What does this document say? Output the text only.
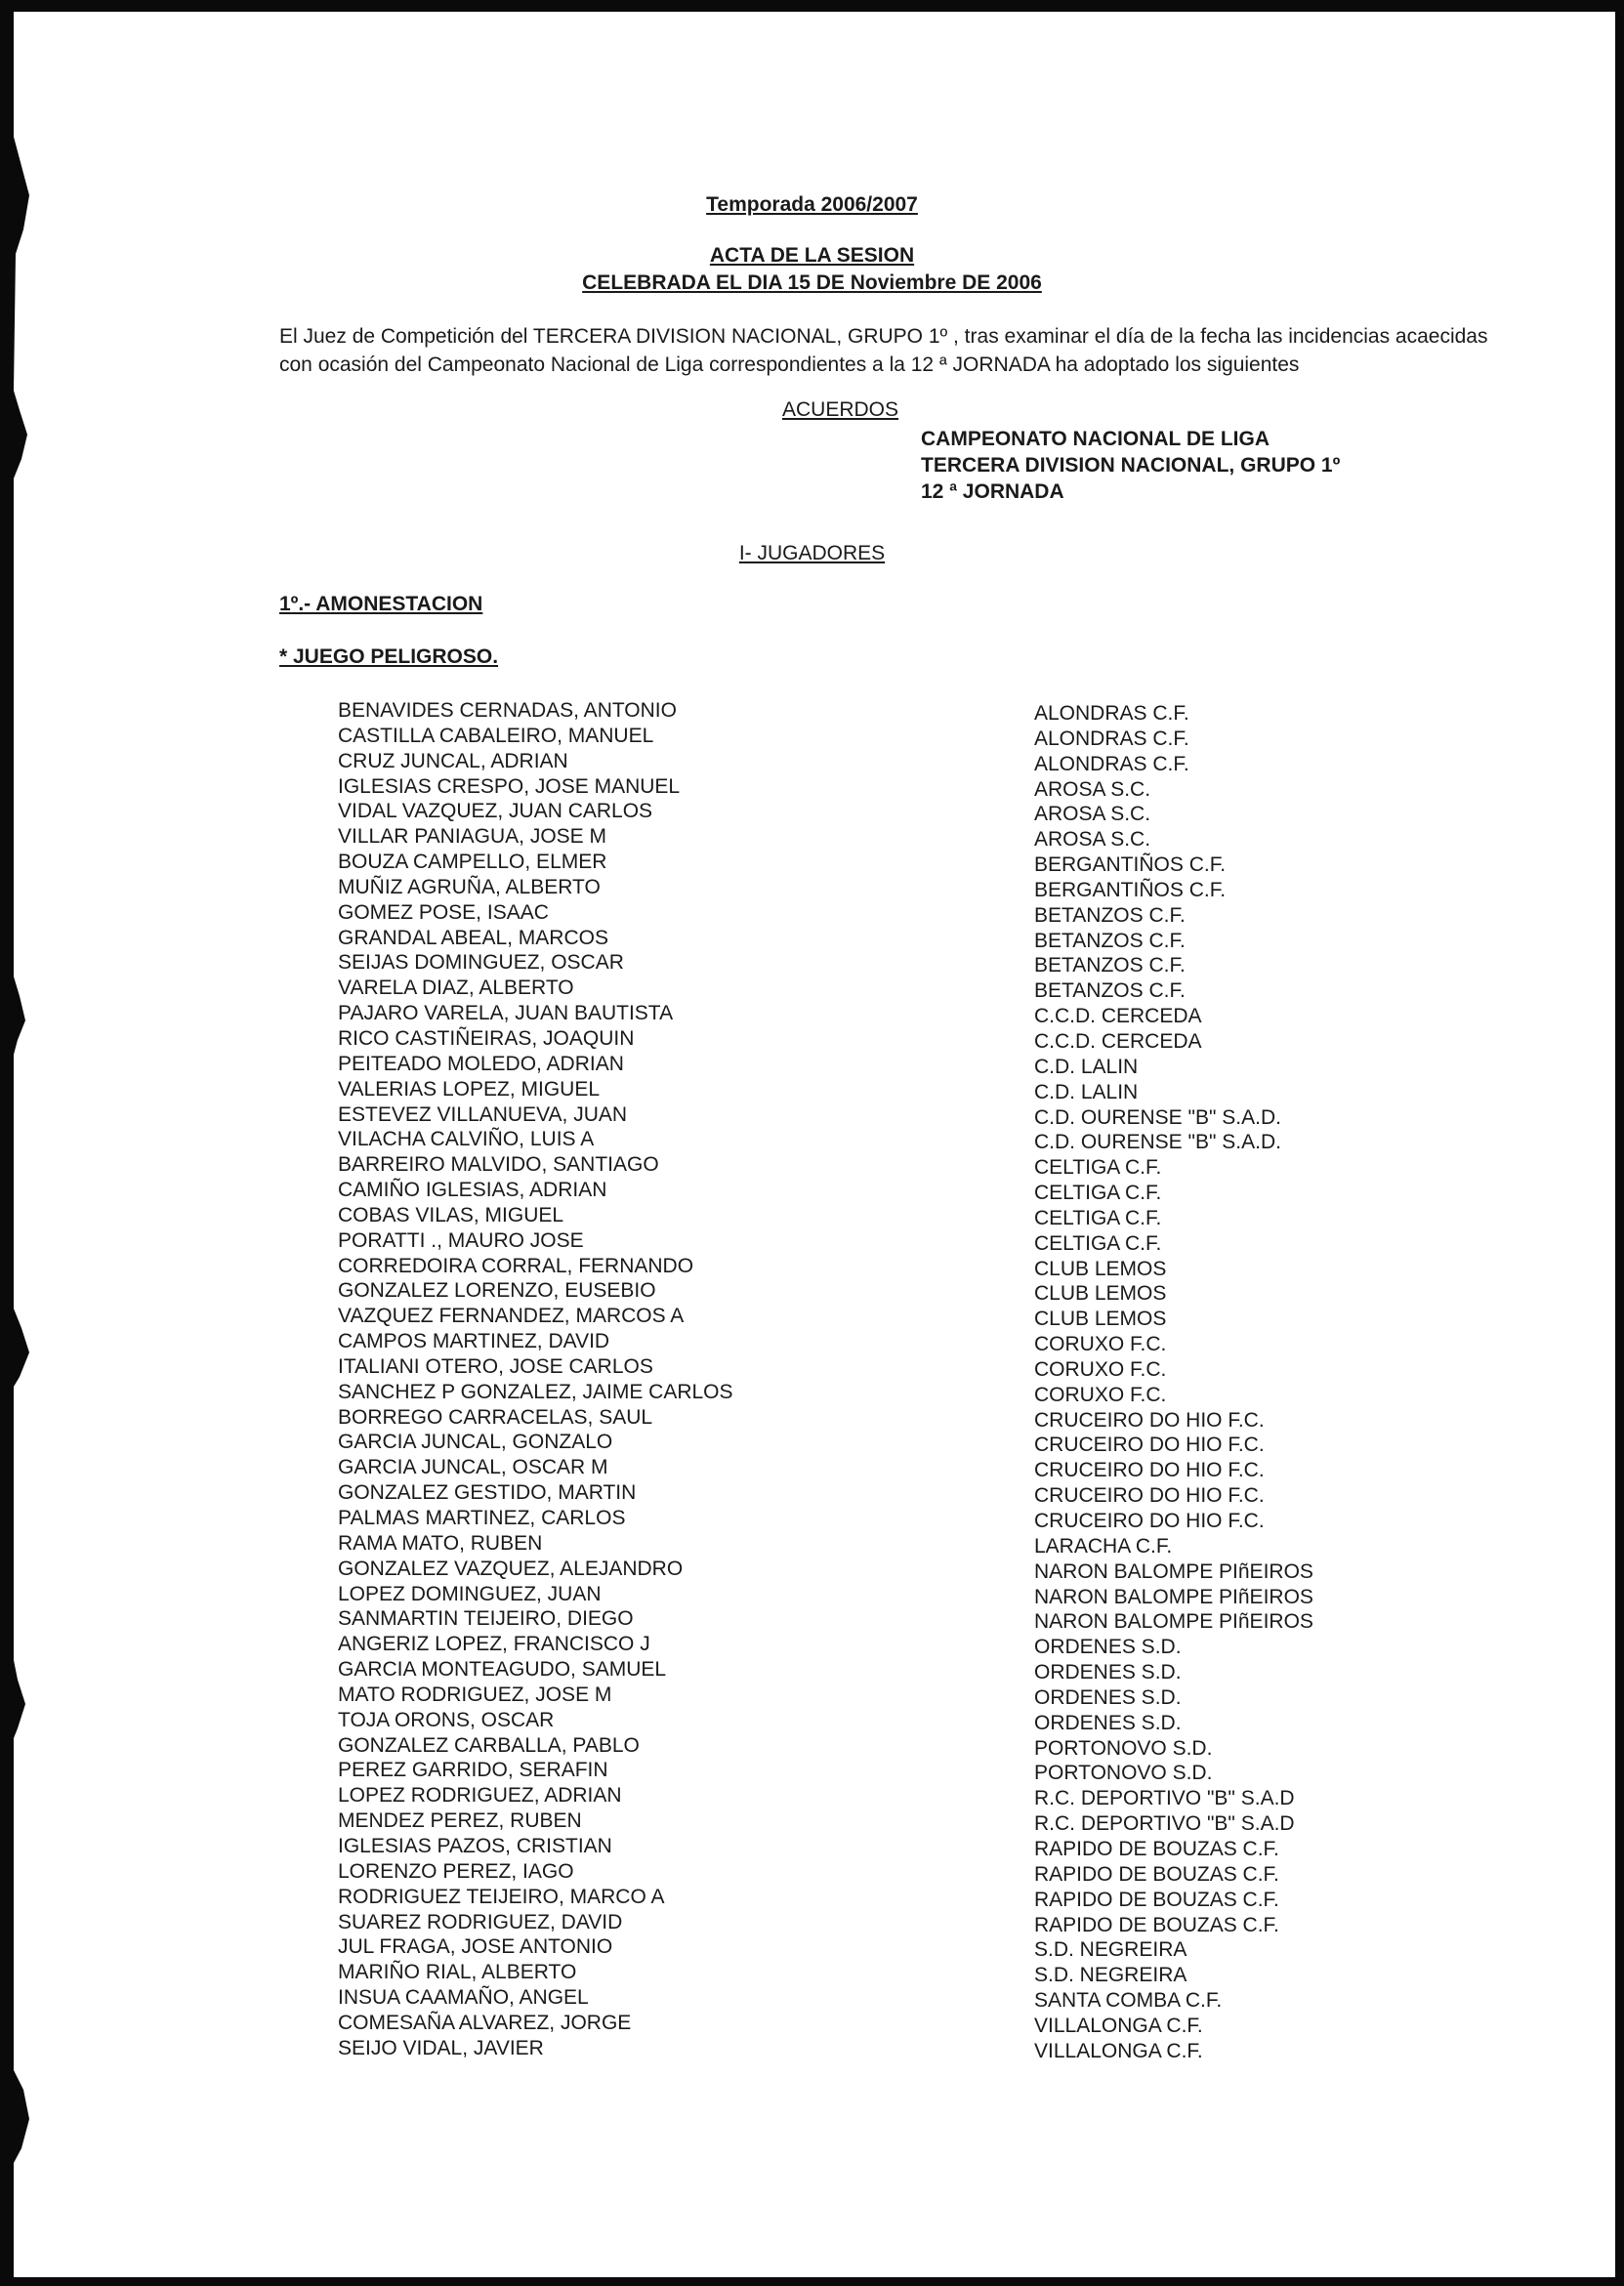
Temporada 2006/2007
ACTA DE LA SESION
CELEBRADA EL DIA 15 DE Noviembre DE 2006
El Juez de Competición del TERCERA DIVISION NACIONAL, GRUPO 1º , tras examinar el día de la fecha las incidencias acaecidas con ocasión del Campeonato Nacional de Liga correspondientes a la 12 ª JORNADA ha adoptado los siguientes
ACUERDOS
CAMPEONATO NACIONAL DE LIGA
TERCERA DIVISION NACIONAL, GRUPO 1º
12 ª JORNADA
I- JUGADORES
1º.- AMONESTACION
* JUEGO PELIGROSO.
BENAVIDES CERNADAS, ANTONIO
CASTILLA CABALEIRO, MANUEL
CRUZ JUNCAL, ADRIAN
IGLESIAS CRESPO, JOSE MANUEL
VIDAL VAZQUEZ, JUAN CARLOS
VILLAR PANIAGUA, JOSE M
BOUZA CAMPELLO, ELMER
MUÑIZ AGRUÑA, ALBERTO
GOMEZ POSE, ISAAC
GRANDAL ABEAL, MARCOS
SEIJAS DOMINGUEZ, OSCAR
VARELA DIAZ, ALBERTO
PAJARO VARELA, JUAN BAUTISTA
RICO CASTIÑEIRAS, JOAQUIN
PEITEADO MOLEDO, ADRIAN
VALERIAS LOPEZ, MIGUEL
ESTEVEZ VILLANUEVA, JUAN
VILACHA CALVIÑO, LUIS A
BARREIRO MALVIDO, SANTIAGO
CAMIÑO IGLESIAS, ADRIAN
COBAS VILAS, MIGUEL
PORATTI ., MAURO JOSE
CORREDOIRA CORRAL, FERNANDO
GONZALEZ LORENZO, EUSEBIO
VAZQUEZ FERNANDEZ, MARCOS A
CAMPOS MARTINEZ, DAVID
ITALIANI OTERO, JOSE CARLOS
SANCHEZ P GONZALEZ, JAIME CARLOS
BORREGO CARRACELAS, SAUL
GARCIA JUNCAL, GONZALO
GARCIA JUNCAL, OSCAR M
GONZALEZ GESTIDO, MARTIN
PALMAS MARTINEZ, CARLOS
RAMA MATO, RUBEN
GONZALEZ VAZQUEZ, ALEJANDRO
LOPEZ DOMINGUEZ, JUAN
SANMARTIN TEIJEIRO, DIEGO
ANGERIZ LOPEZ, FRANCISCO J
GARCIA MONTEAGUDO, SAMUEL
MATO RODRIGUEZ, JOSE M
TOJA ORONS, OSCAR
GONZALEZ CARBALLA, PABLO
PEREZ GARRIDO, SERAFIN
LOPEZ RODRIGUEZ, ADRIAN
MENDEZ PEREZ, RUBEN
IGLESIAS PAZOS, CRISTIAN
LORENZO PEREZ, IAGO
RODRIGUEZ TEIJEIRO, MARCO A
SUAREZ RODRIGUEZ, DAVID
JUL FRAGA, JOSE ANTONIO
MARIÑO RIAL, ALBERTO
INSUA CAAMAÑO, ANGEL
COMESAÑA ALVAREZ, JORGE
SEIJO VIDAL, JAVIER
ALONDRAS C.F.
ALONDRAS C.F.
ALONDRAS C.F.
AROSA S.C.
AROSA S.C.
AROSA S.C.
BERGANTIÑOS C.F.
BERGANTIÑOS C.F.
BETANZOS C.F.
BETANZOS C.F.
BETANZOS C.F.
BETANZOS C.F.
C.C.D. CERCEDA
C.C.D. CERCEDA
C.D. LALIN
C.D. LALIN
C.D. OURENSE "B" S.A.D.
C.D. OURENSE "B" S.A.D.
CELTIGA C.F.
CELTIGA C.F.
CELTIGA C.F.
CELTIGA C.F.
CLUB LEMOS
CLUB LEMOS
CLUB LEMOS
CORUXO F.C.
CORUXO F.C.
CORUXO F.C.
CRUCEIRO DO HIO F.C.
CRUCEIRO DO HIO F.C.
CRUCEIRO DO HIO F.C.
CRUCEIRO DO HIO F.C.
CRUCEIRO DO HIO F.C.
LARACHA C.F.
NARON BALOMPE PIñEIROS
NARON BALOMPE PIñEIROS
NARON BALOMPE PIñEIROS
ORDENES S.D.
ORDENES S.D.
ORDENES S.D.
ORDENES S.D.
PORTONOVO S.D.
PORTONOVO S.D.
R.C. DEPORTIVO "B" S.A.D
R.C. DEPORTIVO "B" S.A.D
RAPIDO DE BOUZAS C.F.
RAPIDO DE BOUZAS C.F.
RAPIDO DE BOUZAS C.F.
RAPIDO DE BOUZAS C.F.
S.D. NEGREIRA
S.D. NEGREIRA
SANTA COMBA C.F.
VILLALONGA C.F.
VILLALONGA C.F.
